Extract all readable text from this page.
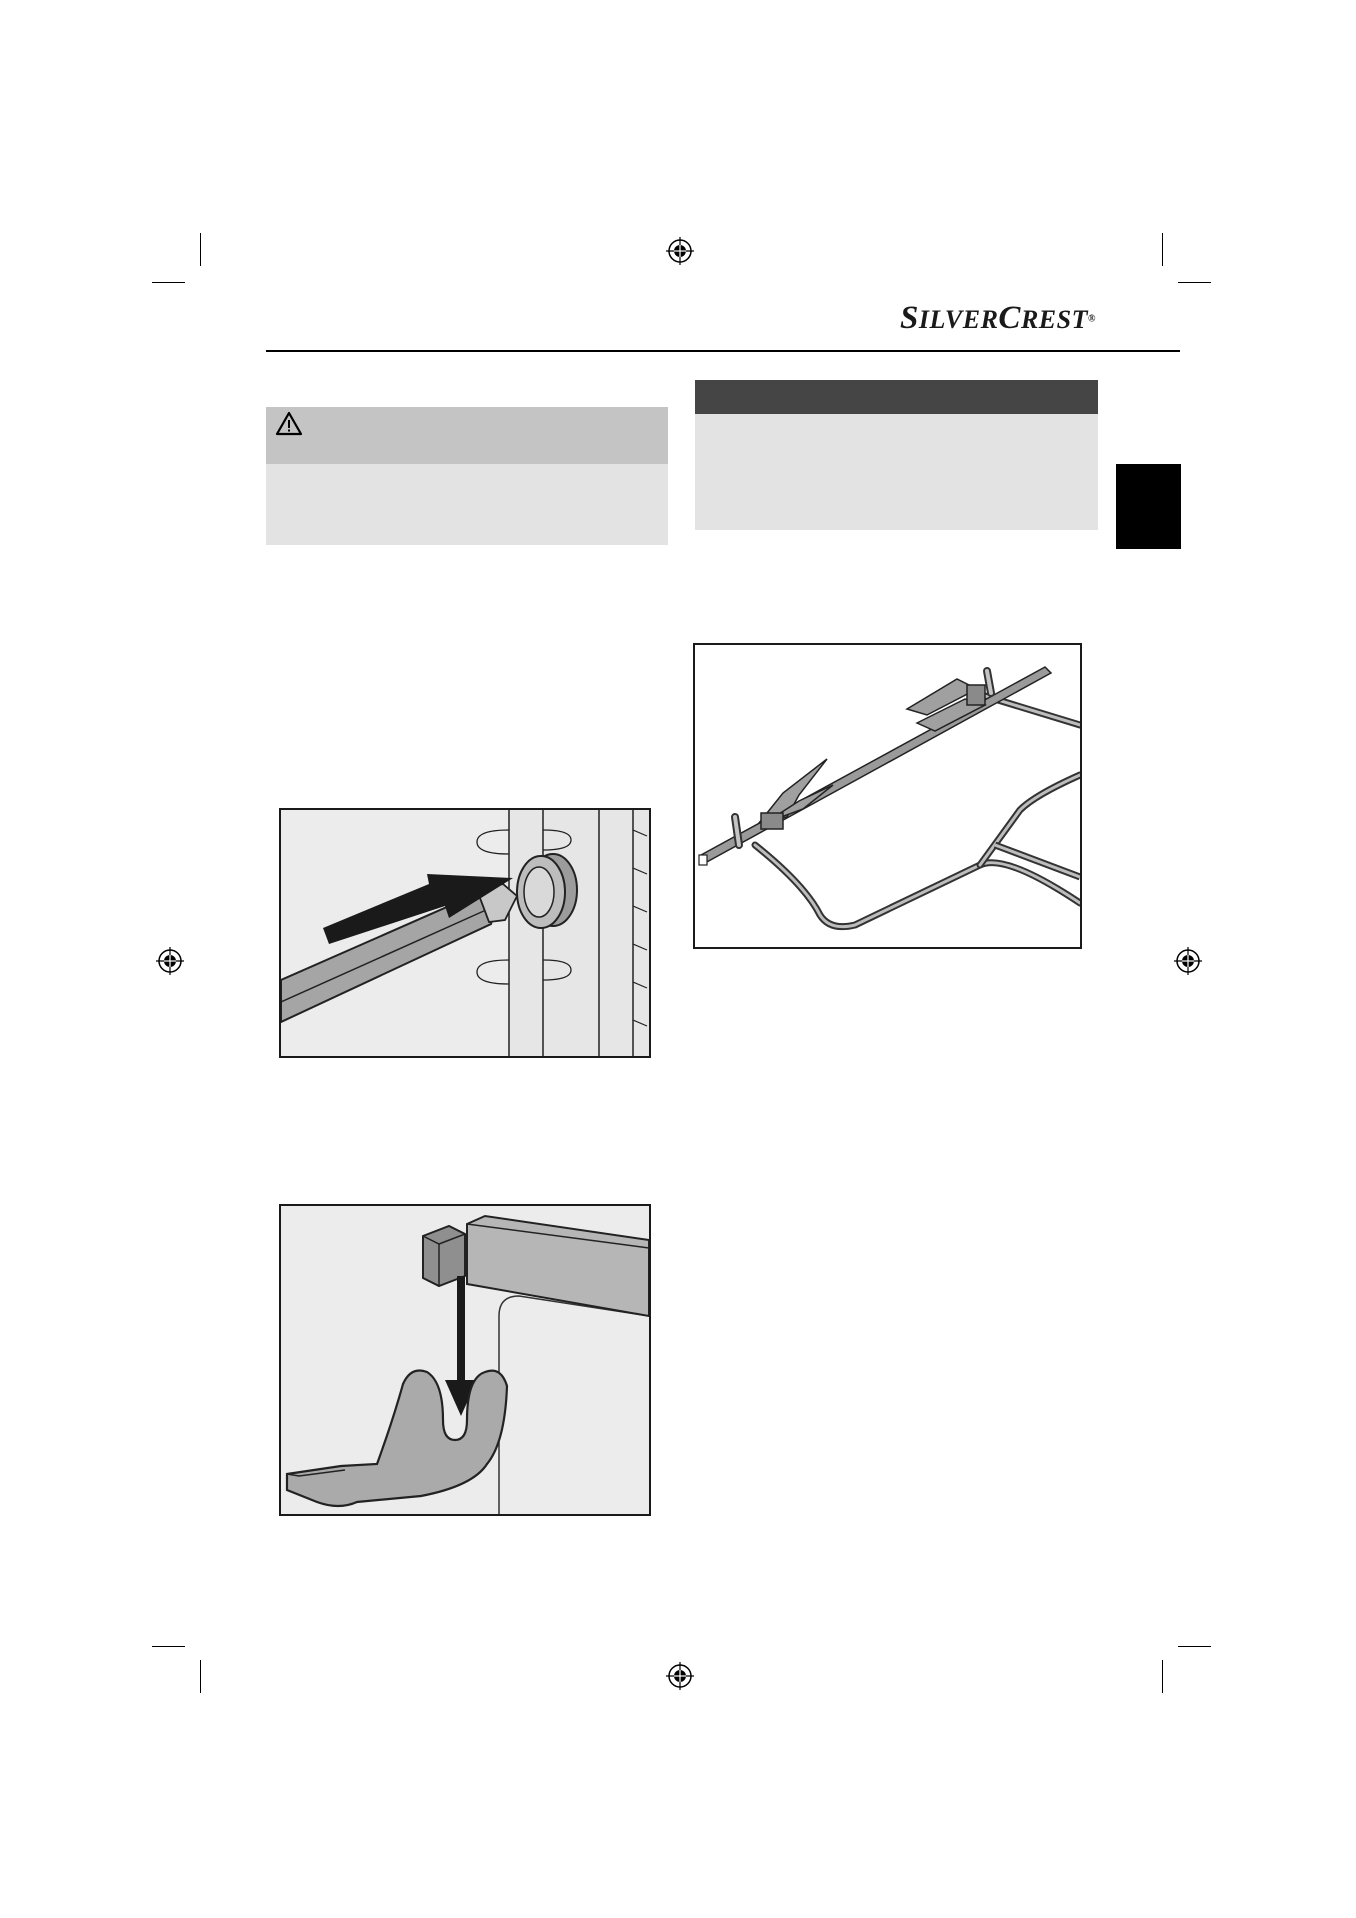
SILVERCREST®
